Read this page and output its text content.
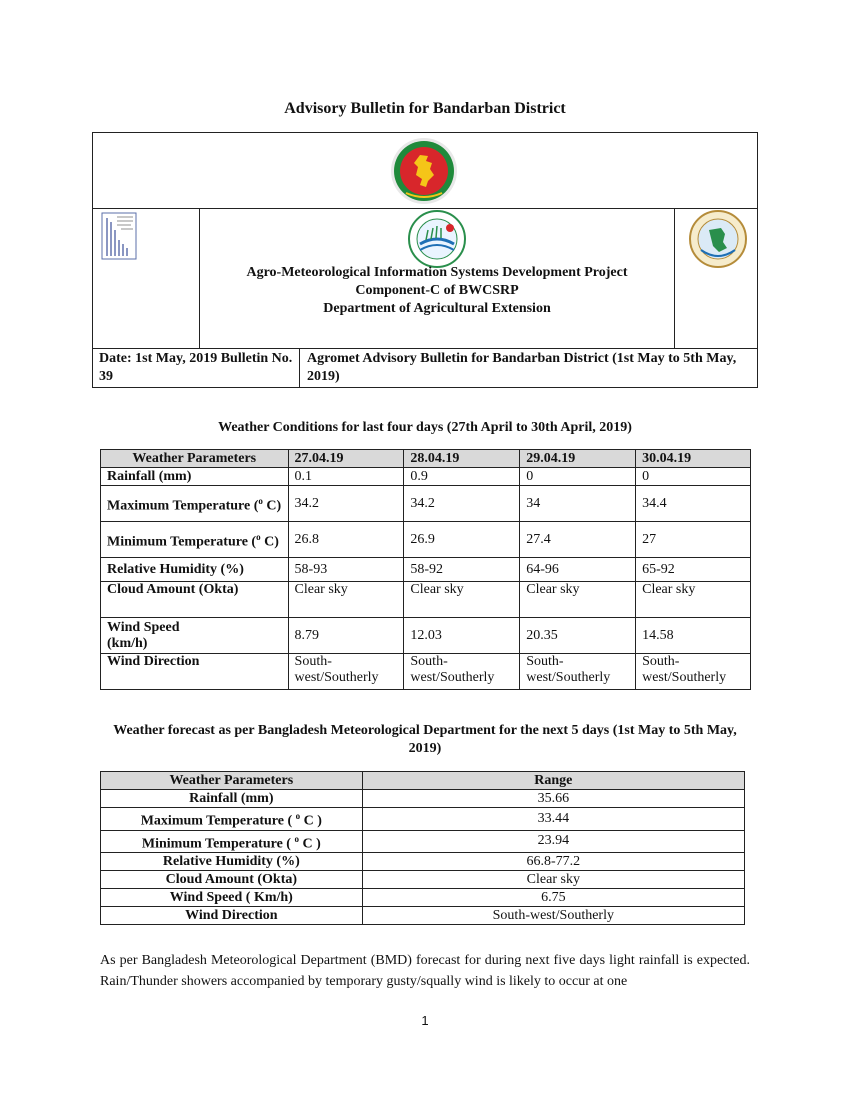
Advisory Bulletin for Bandarban District
Agro-Meteorological Information Systems Development Project
Component-C of BWCSRP
Department of Agricultural Extension
Date: 1st May, 2019 Bulletin No. 39
Agromet Advisory Bulletin for Bandarban District (1st May to 5th May, 2019)
Weather Conditions for last four days (27th April to 30th April, 2019)
Weather Parameters	27.04.19	28.04.19	29.04.19	30.04.19
Rainfall (mm)	0.1	0.9	0	0
Maximum Temperature ($^o$ C)	34.2	34.2	34	34.4
Minimum Temperature ($^o$ C)	26.8	26.9	27.4	27
Relative Humidity (%)	58-93	58-92	64-96	65-92
Cloud Amount (Okta)	Clear sky	Clear sky	Clear sky	Clear sky
Wind Speed (km/h)	8.79	12.03	20.35	14.58
Wind Direction	South-west/Southerly	South-west/Southerly	South-west/Southerly	South-west/Southerly
Weather forecast as per Bangladesh Meteorological Department for the next 5 days (1st May to 5th May, 2019)
Weather Parameters	Range
Rainfall (mm)	35.66
Maximum Temperature ( $^o$ C )	33.44
Minimum Temperature ( $^o$ C )	23.94
Relative Humidity (%)	66.8-77.2
Cloud Amount (Okta)	Clear sky
Wind Speed ( Km/h)	6.75
Wind Direction	South-west/Southerly
As per Bangladesh Meteorological Department (BMD) forecast for during next five days light rainfall is expected. Rain/Thunder showers accompanied by temporary gusty/squally wind is likely to occur at one
1
